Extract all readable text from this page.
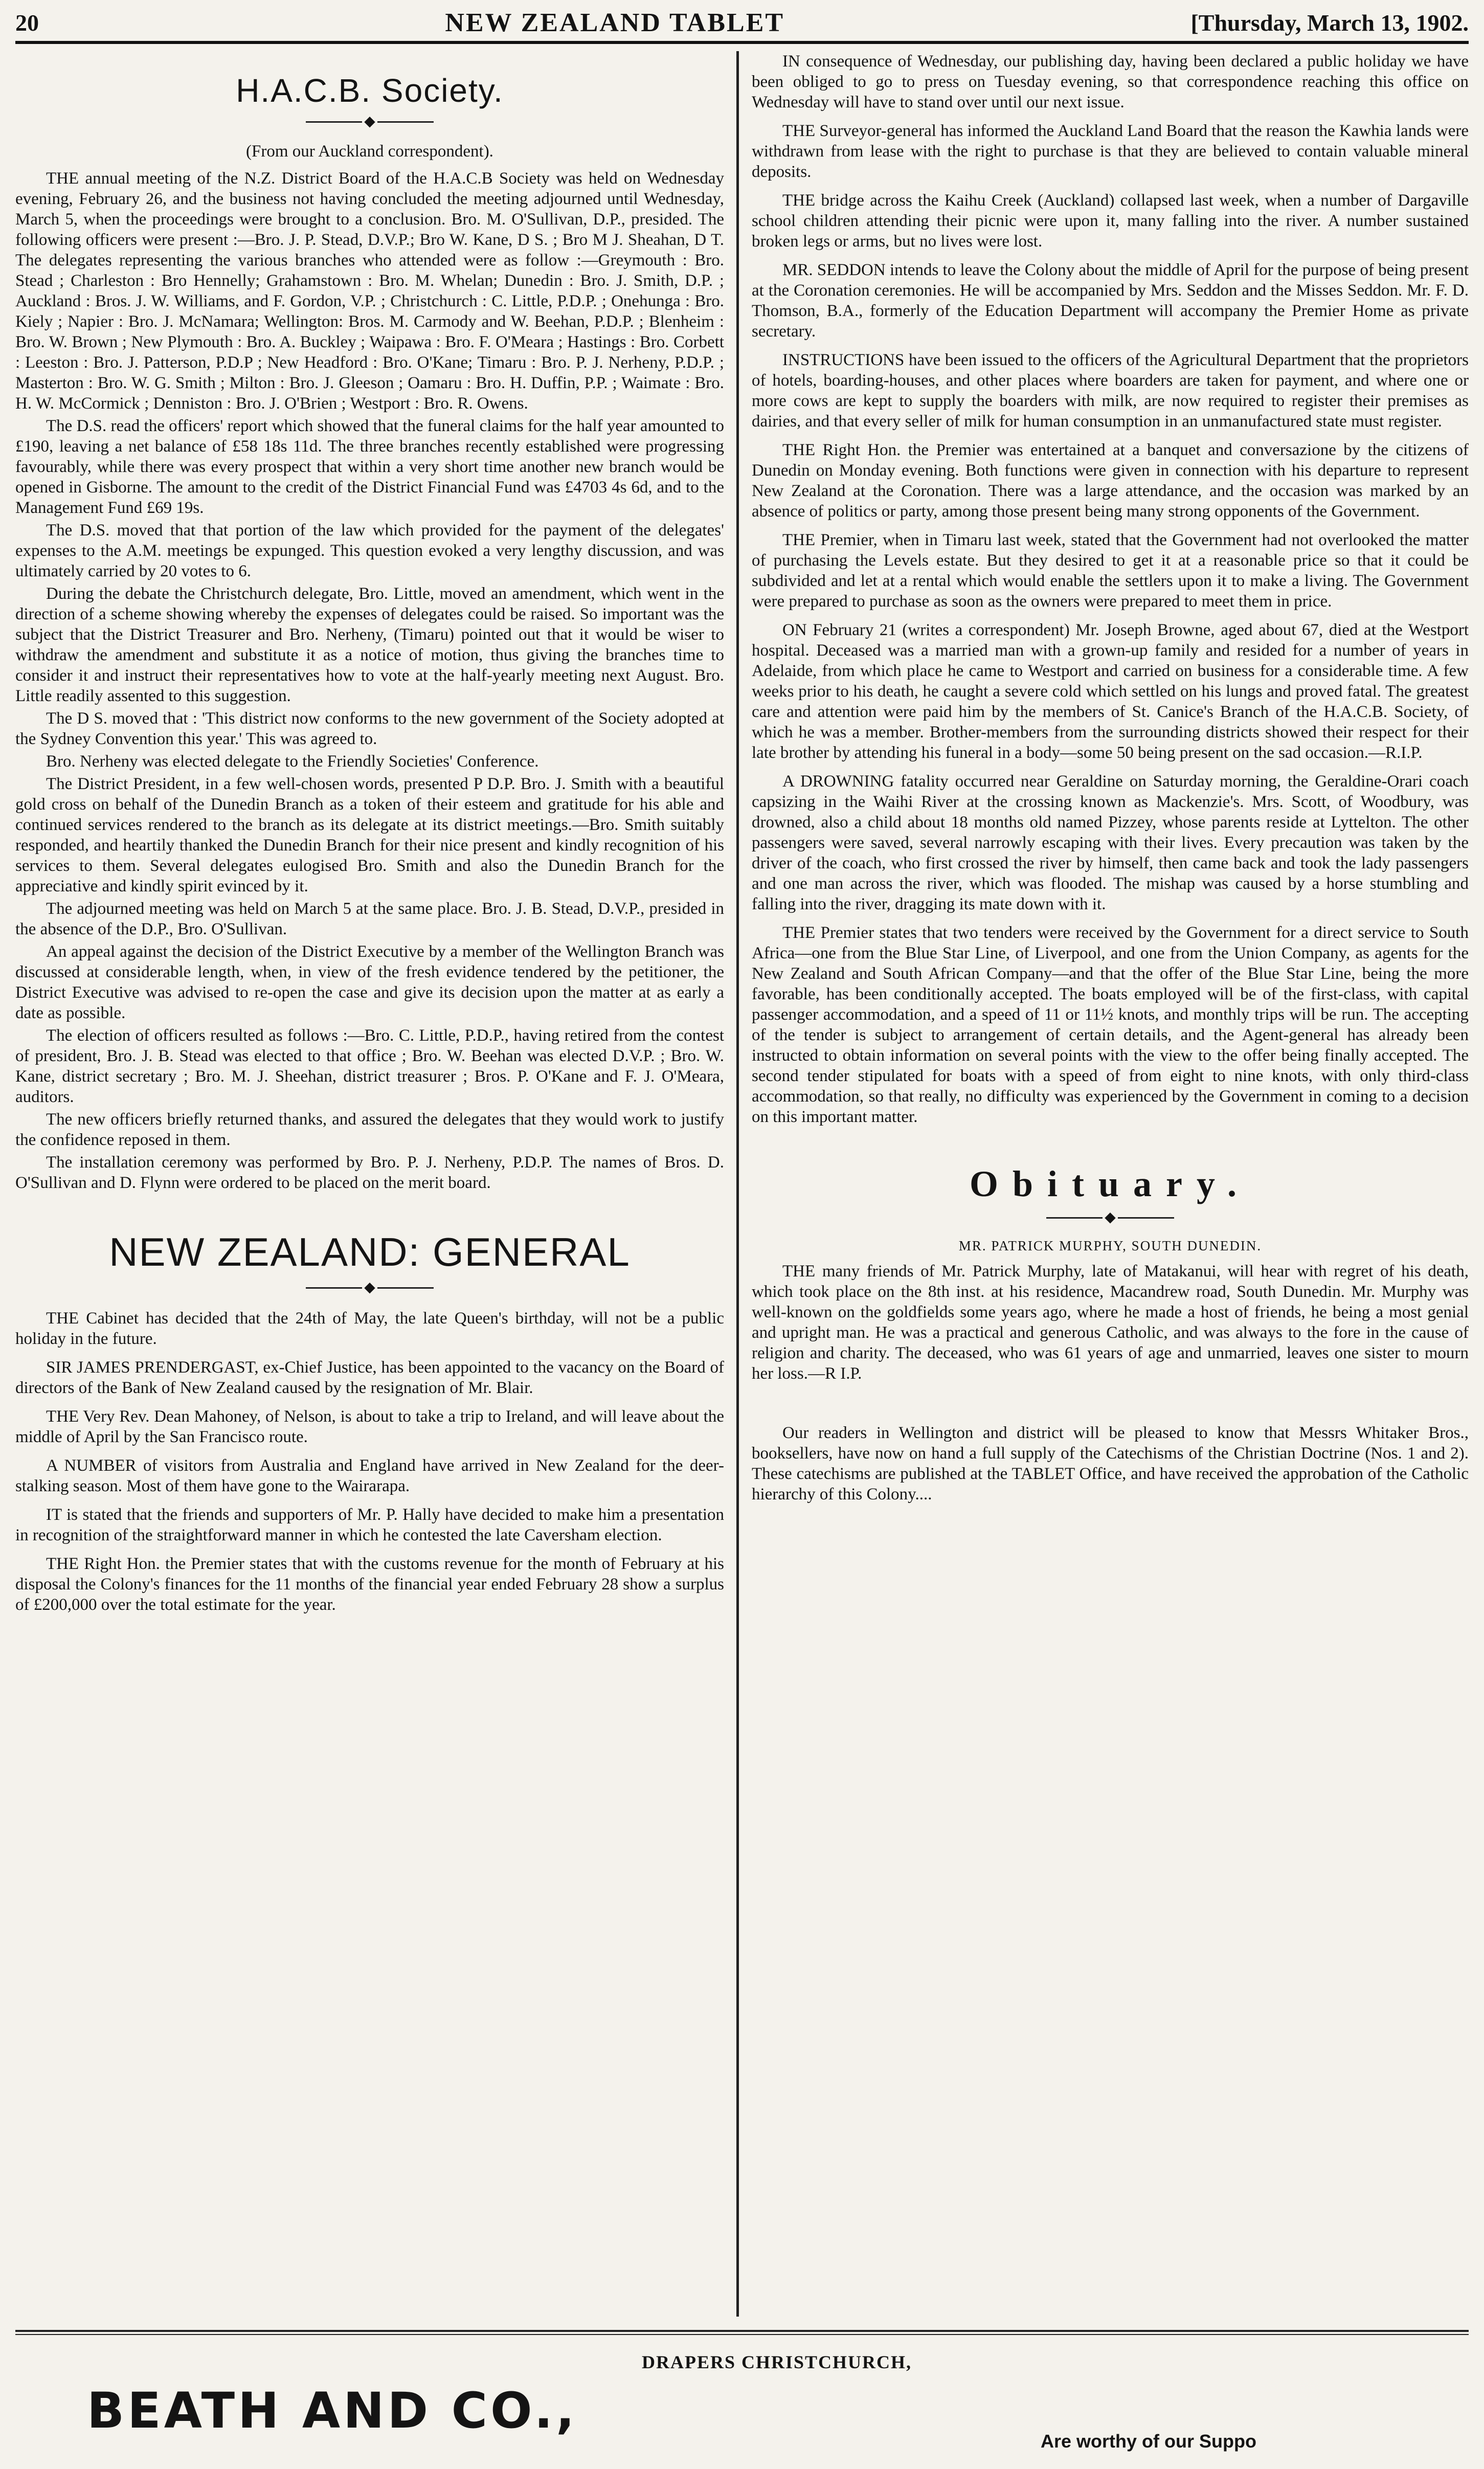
20	NEW ZEALAND TABLET	[Thursday, March 13, 1902.
H.A.C.B. Society.
◆
(From our Auckland correspondent).

THE annual meeting of the N.Z. District Board of the H.A.C.B Society was held on Wednesday evening, February 26, and the business not having concluded the meeting adjourned until Wednesday, March 5, when the proceedings were brought to a conclusion. Bro. M. O'Sullivan, D.P., presided. The following officers were present :—Bro. J. P. Stead, D.V.P.; Bro W. Kane, D S. ; Bro M J. Sheahan, D T. The delegates representing the various branches who attended were as follow :—Greymouth : Bro. Stead ; Charleston : Bro Hennelly; Grahamstown : Bro. M. Whelan; Dunedin : Bro. J. Smith, D.P. ; Auckland : Bros. J. W. Williams, and F. Gordon, V.P. ; Christchurch : C. Little, P.D.P. ; Onehunga : Bro. Kiely ; Napier : Bro. J. McNamara; Wellington: Bros. M. Carmody and W. Beehan, P.D.P. ; Blenheim : Bro. W. Brown ; New Plymouth : Bro. A. Buckley ; Waipawa : Bro. F. O'Meara ; Hastings : Bro. Corbett : Leeston : Bro. J. Patterson, P.D.P ; New Headford : Bro. O'Kane; Timaru : Bro. P. J. Nerheny, P.D.P. ; Masterton : Bro. W. G. Smith ; Milton : Bro. J. Gleeson ; Oamaru : Bro. H. Duffin, P.P. ; Waimate : Bro. H. W. McCormick ; Denniston : Bro. J. O'Brien ; Westport : Bro. R. Owens.

The D.S. read the officers' report which showed that the funeral claims for the half year amounted to £190, leaving a net balance of £58 18s 11d. The three branches recently established were progressing favourably, while there was every prospect that within a very short time another new branch would be opened in Gisborne. The amount to the credit of the District Financial Fund was £4703 4s 6d, and to the Management Fund £69 19s.

The D.S. moved that that portion of the law which provided for the payment of the delegates' expenses to the A.M. meetings be expunged. This question evoked a very lengthy discussion, and was ultimately carried by 20 votes to 6.

During the debate the Christchurch delegate, Bro. Little, moved an amendment, which went in the direction of a scheme showing whereby the expenses of delegates could be raised. So important was the subject that the District Treasurer and Bro. Nerheny, (Timaru) pointed out that it would be wiser to withdraw the amendment and substitute it as a notice of motion, thus giving the branches time to consider it and instruct their representatives how to vote at the half-yearly meeting next August. Bro. Little readily assented to this suggestion.

The D S. moved that : 'This district now conforms to the new government of the Society adopted at the Sydney Convention this year.' This was agreed to.

Bro. Nerheny was elected delegate to the Friendly Societies' Conference.

The District President, in a few well-chosen words, presented P D.P. Bro. J. Smith with a beautiful gold cross on behalf of the Dunedin Branch as a token of their esteem and gratitude for his able and continued services rendered to the branch as its delegate at its district meetings.—Bro. Smith suitably responded, and heartily thanked the Dunedin Branch for their nice present and kindly recognition of his services to them. Several delegates eulogised Bro. Smith and also the Dunedin Branch for the appreciative and kindly spirit evinced by it.

The adjourned meeting was held on March 5 at the same place. Bro. J. B. Stead, D.V.P., presided in the absence of the D.P., Bro. O'Sullivan.

An appeal against the decision of the District Executive by a member of the Wellington Branch was discussed at considerable length, when, in view of the fresh evidence tendered by the petitioner, the District Executive was advised to re-open the case and give its decision upon the matter at as early a date as possible.

The election of officers resulted as follows :—Bro. C. Little, P.D.P., having retired from the contest of president, Bro. J. B. Stead was elected to that office ; Bro. W. Beehan was elected D.V.P. ; Bro. W. Kane, district secretary ; Bro. M. J. Sheehan, district treasurer ; Bros. P. O'Kane and F. J. O'Meara, auditors.

The new officers briefly returned thanks, and assured the delegates that they would work to justify the confidence reposed in them.

The installation ceremony was performed by Bro. P. J. Nerheny, P.D.P. The names of Bros. D. O'Sullivan and D. Flynn were ordered to be placed on the merit board.

NEW ZEALAND: GENERAL
◆

THE Cabinet has decided that the 24th of May, the late Queen's birthday, will not be a public holiday in the future.

SIR JAMES PRENDERGAST, ex-Chief Justice, has been appointed to the vacancy on the Board of directors of the Bank of New Zealand caused by the resignation of Mr. Blair.

THE Very Rev. Dean Mahoney, of Nelson, is about to take a trip to Ireland, and will leave about the middle of April by the San Francisco route.

A NUMBER of visitors from Australia and England have arrived in New Zealand for the deer-stalking season. Most of them have gone to the Wairarapa.

IT is stated that the friends and supporters of Mr. P. Hally have decided to make him a presentation in recognition of the straightforward manner in which he contested the late Caversham election.

THE Right Hon. the Premier states that with the customs revenue for the month of February at his disposal the Colony's finances for the 11 months of the financial year ended February 28 show a surplus of £200,000 over the total estimate for the year.

IN consequence of Wednesday, our publishing day, having been declared a public holiday we have been obliged to go to press on Tuesday evening, so that correspondence reaching this office on Wednesday will have to stand over until our next issue.

THE Surveyor-general has informed the Auckland Land Board that the reason the Kawhia lands were withdrawn from lease with the right to purchase is that they are believed to contain valuable mineral deposits.

THE bridge across the Kaihu Creek (Auckland) collapsed last week, when a number of Dargaville school children attending their picnic were upon it, many falling into the river. A number sustained broken legs or arms, but no lives were lost.

MR. SEDDON intends to leave the Colony about the middle of April for the purpose of being present at the Coronation ceremonies. He will be accompanied by Mrs. Seddon and the Misses Seddon. Mr. F. D. Thomson, B.A., formerly of the Education Department will accompany the Premier Home as private secretary.

INSTRUCTIONS have been issued to the officers of the Agricultural Department that the proprietors of hotels, boarding-houses, and other places where boarders are taken for payment, and where one or more cows are kept to supply the boarders with milk, are now required to register their premises as dairies, and that every seller of milk for human consumption in an unmanufactured state must register.

THE Right Hon. the Premier was entertained at a banquet and conversazione by the citizens of Dunedin on Monday evening. Both functions were given in connection with his departure to represent New Zealand at the Coronation. There was a large attendance, and the occasion was marked by an absence of politics or party, among those present being many strong opponents of the Government.

THE Premier, when in Timaru last week, stated that the Government had not overlooked the matter of purchasing the Levels estate. But they desired to get it at a reasonable price so that it could be subdivided and let at a rental which would enable the settlers upon it to make a living. The Government were prepared to purchase as soon as the owners were prepared to meet them in price.

ON February 21 (writes a correspondent) Mr. Joseph Browne, aged about 67, died at the Westport hospital. Deceased was a married man with a grown-up family and resided for a number of years in Adelaide, from which place he came to Westport and carried on business for a considerable time. A few weeks prior to his death, he caught a severe cold which settled on his lungs and proved fatal. The greatest care and attention were paid him by the members of St. Canice's Branch of the H.A.C.B. Society, of which he was a member. Brother-members from the surrounding districts showed their respect for their late brother by attending his funeral in a body—some 50 being present on the sad occasion.—R.I.P.

A DROWNING fatality occurred near Geraldine on Saturday morning, the Geraldine-Orari coach capsizing in the Waihi River at the crossing known as Mackenzie's. Mrs. Scott, of Woodbury, was drowned, also a child about 18 months old named Pizzey, whose parents reside at Lyttelton. The other passengers were saved, several narrowly escaping with their lives. Every precaution was taken by the driver of the coach, who first crossed the river by himself, then came back and took the lady passengers and one man across the river, which was flooded. The mishap was caused by a horse stumbling and falling into the river, dragging its mate down with it.

THE Premier states that two tenders were received by the Government for a direct service to South Africa—one from the Blue Star Line, of Liverpool, and one from the Union Company, as agents for the New Zealand and South African Company—and that the offer of the Blue Star Line, being the more favorable, has been conditionally accepted. The boats employed will be of the first-class, with capital passenger accommodation, and a speed of 11 or 11½ knots, and monthly trips will be run. The accepting of the tender is subject to arrangement of certain details, and the Agent-general has already been instructed to obtain information on several points with the view to the offer being finally accepted. The second tender stipulated for boats with a speed of from eight to nine knots, with only third-class accommodation, so that really, no difficulty was experienced by the Government in coming to a decision on this important matter.

Obituary.
◆
MR. PATRICK MURPHY, SOUTH DUNEDIN.

THE many friends of Mr. Patrick Murphy, late of Matakanui, will hear with regret of his death, which took place on the 8th inst. at his residence, Macandrew road, South Dunedin. Mr. Murphy was well-known on the goldfields some years ago, where he made a host of friends, he being a most genial and upright man. He was a practical and generous Catholic, and was always to the fore in the cause of religion and charity. The deceased, who was 61 years of age and unmarried, leaves one sister to mourn her loss.—R I.P.

Our readers in Wellington and district will be pleased to know that Messrs Whitaker Bros., booksellers, have now on hand a full supply of the Catechisms of the Christian Doctrine (Nos. 1 and 2). These catechisms are published at the TABLET Office, and have received the approbation of the Catholic hierarchy of this Colony....

BEATH AND CO.,
DRAPERS CHRISTCHURCH,
Are worthy of our Suppo
